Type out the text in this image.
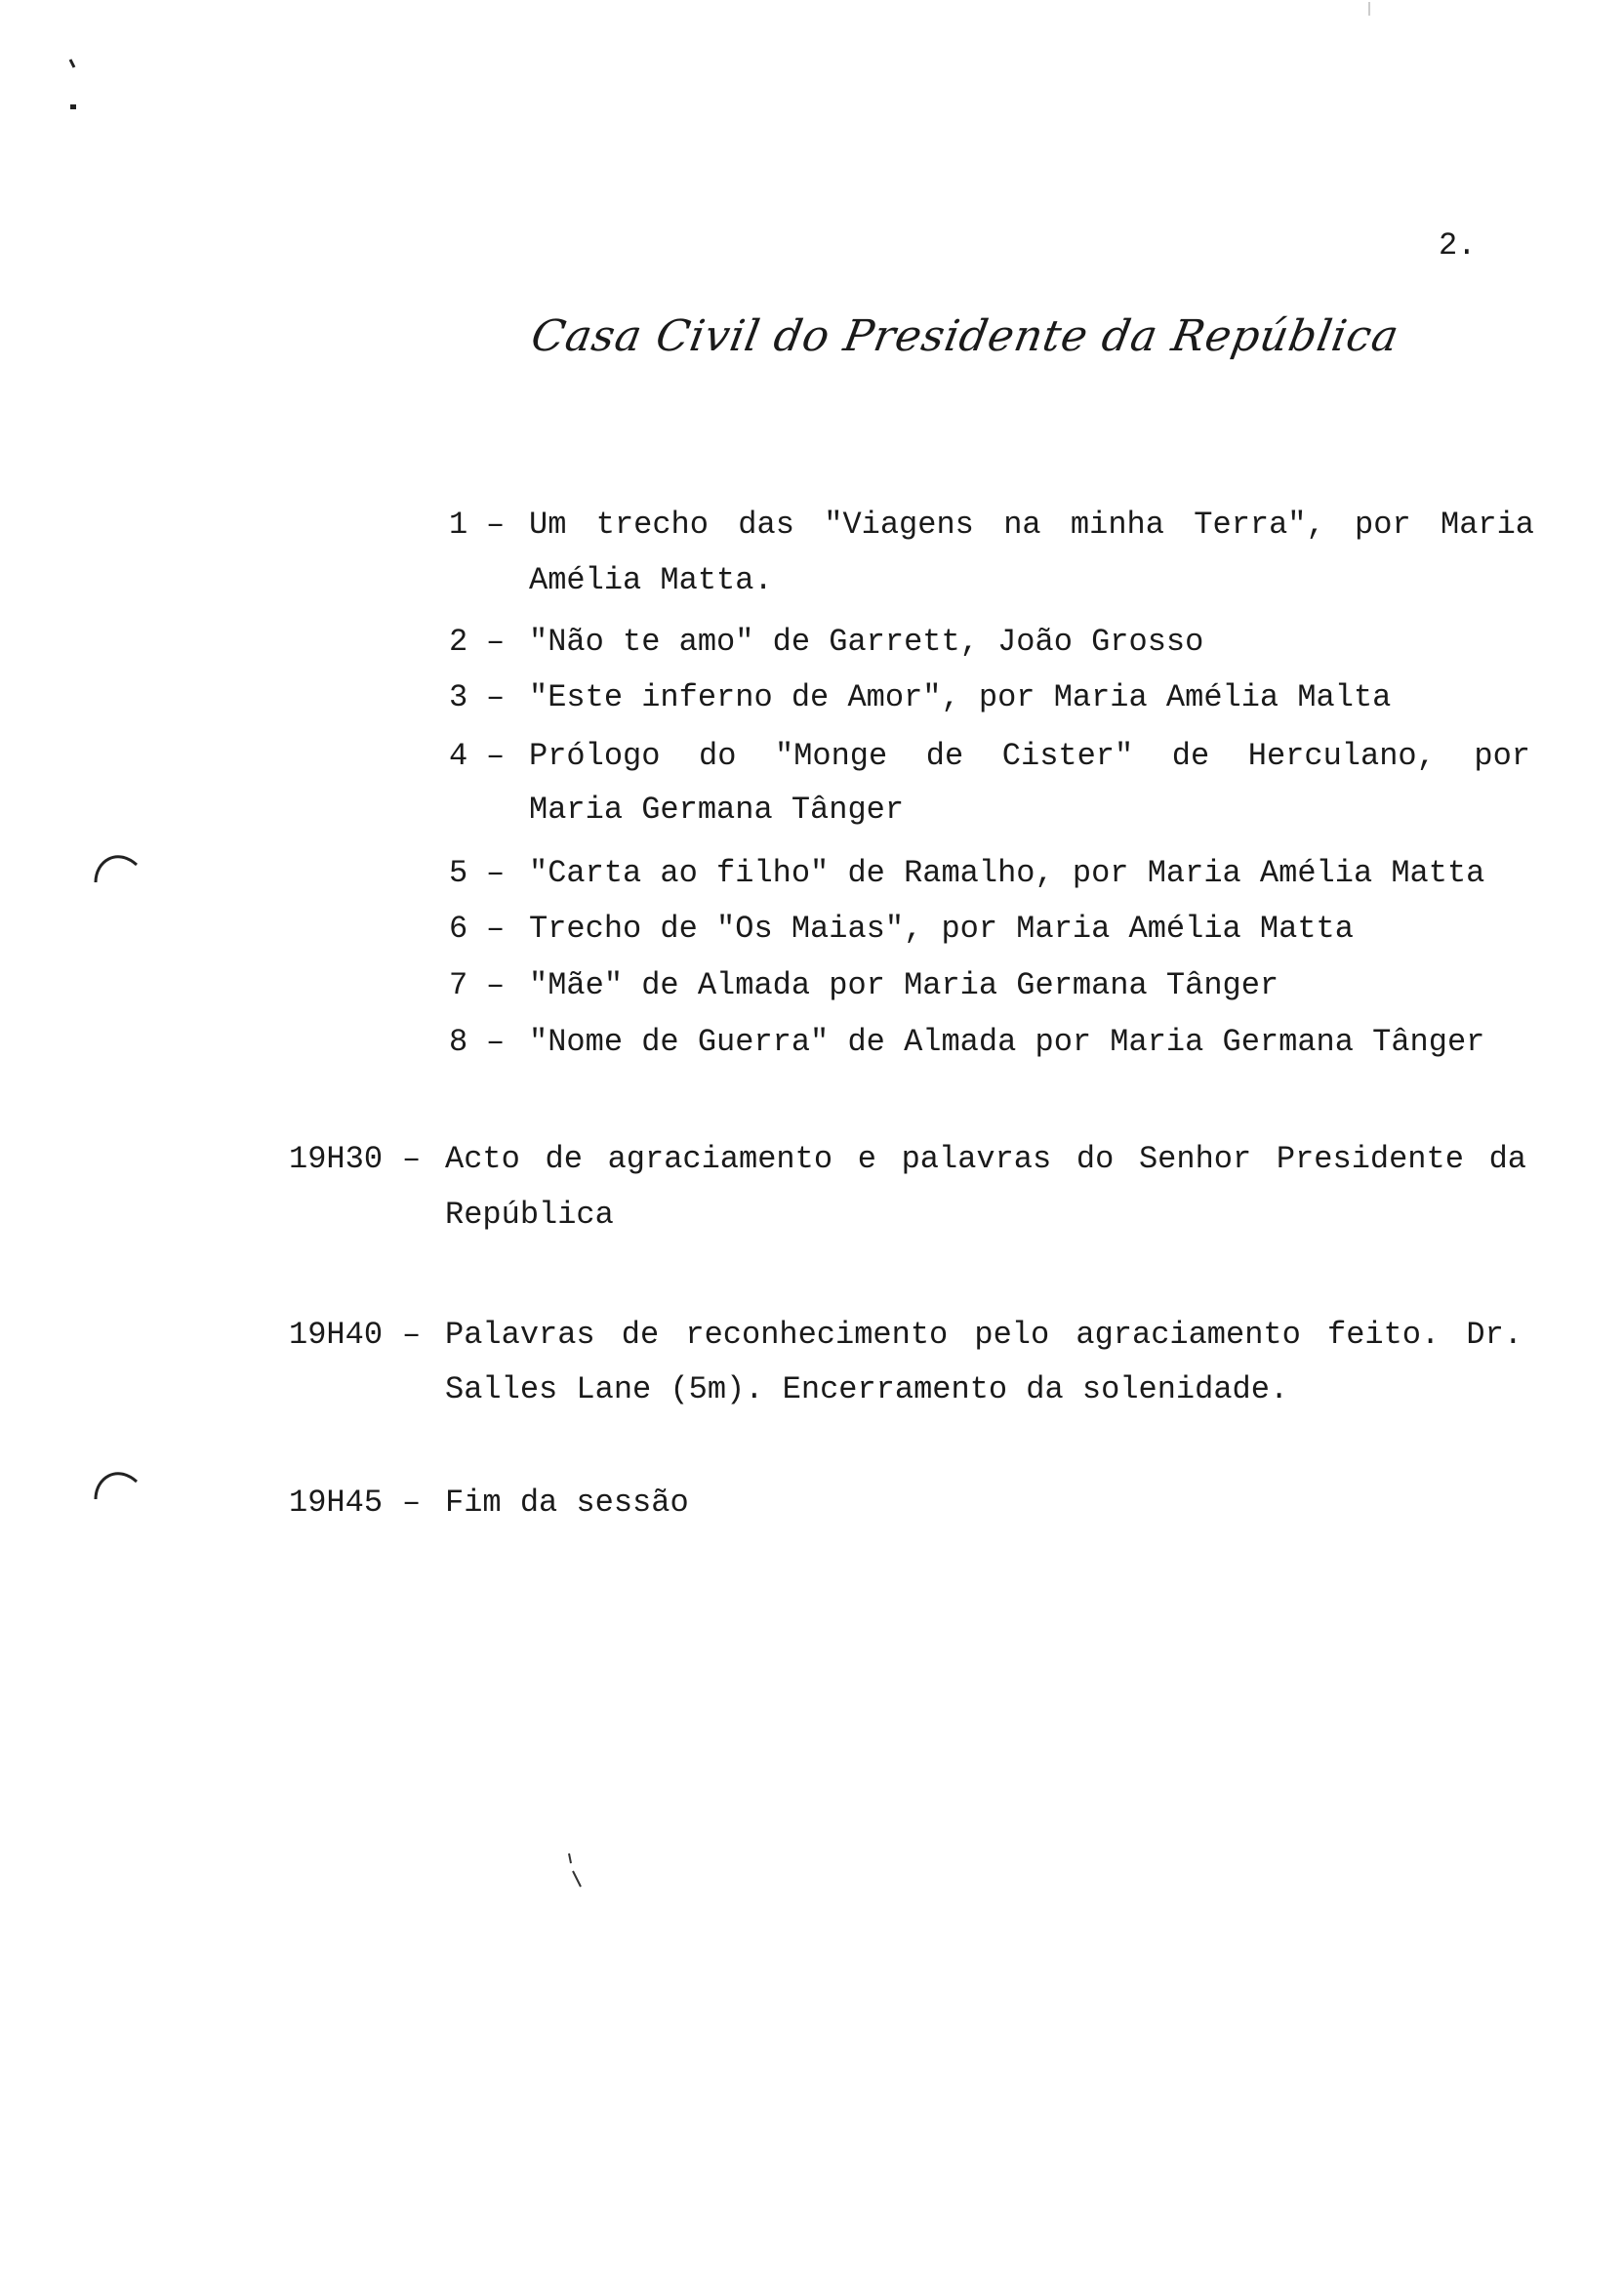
2.
Casa Civil do Presidente da República
1 – Um trecho das "Viagens na minha Terra", por Maria
Amélia Matta.
2 – "Não te amo" de Garrett, João Grosso
3 – "Este inferno de Amor", por Maria Amélia Malta
4 – Prólogo do "Monge de Cister" de Herculano, por
Maria Germana Tânger
5 – "Carta ao filho" de Ramalho, por Maria Amélia Matta
6 – Trecho de "Os Maias", por Maria Amélia Matta
7 – "Mãe" de Almada por Maria Germana Tânger
8 – "Nome de Guerra" de Almada por Maria Germana Tânger
19H30 – Acto de agraciamento e palavras do Senhor Presidente da
República
19H40 – Palavras de reconhecimento pelo agraciamento feito. Dr.
Salles Lane (5m). Encerramento da solenidade.
19H45 – Fim da sessão
